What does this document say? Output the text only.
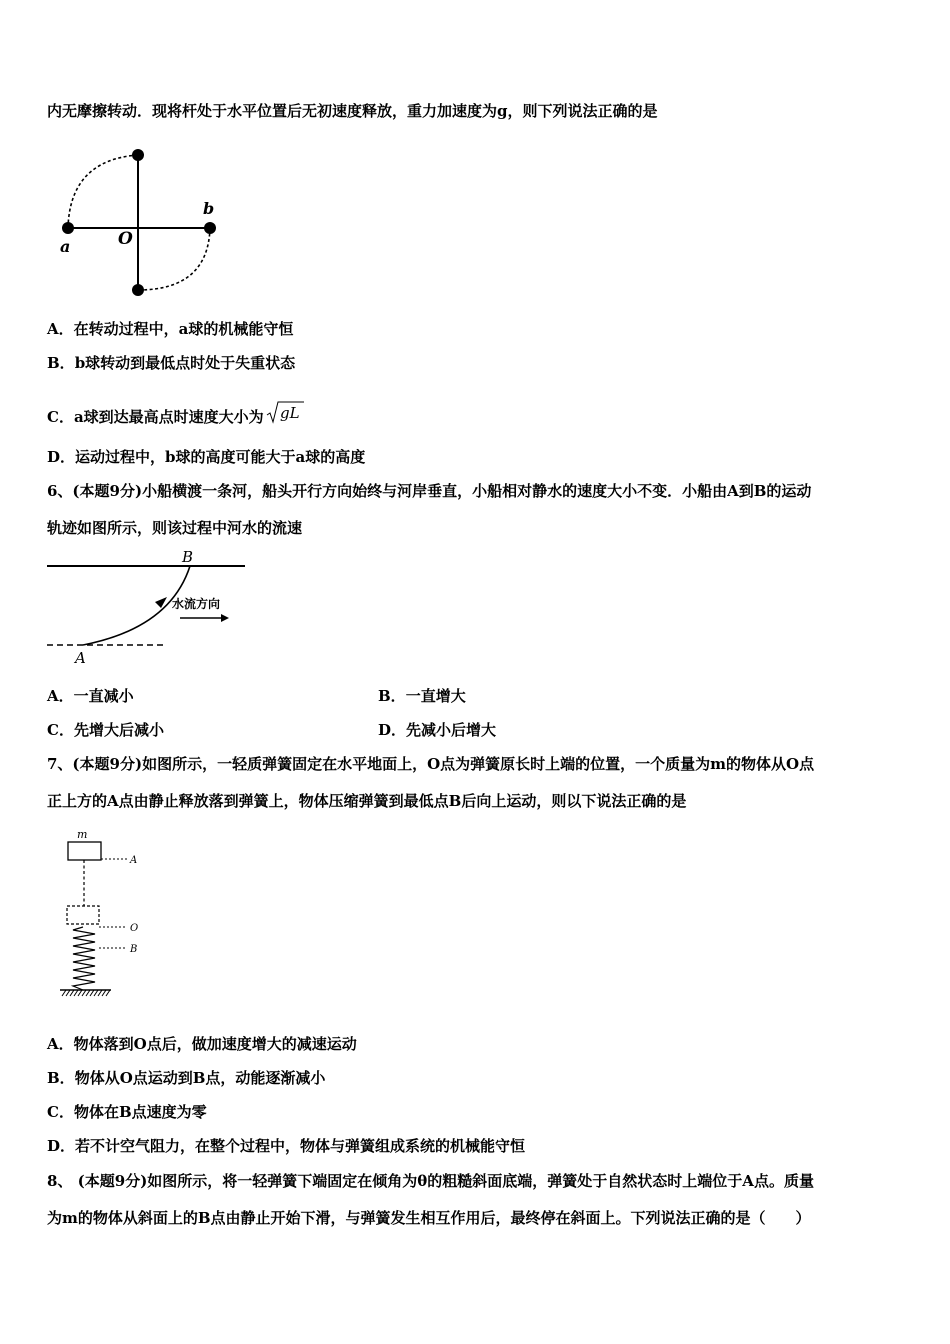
内无摩擦转动．现将杆处于水平位置后无初速度释放，重力加速度为g，则下列说法正确的是
a
b
O
A．在转动过程中，a球的机械能守恒
B．b球转动到最低点时处于失重状态
C．a球到达最高点时速度大小为 gL
D．运动过程中，b球的高度可能大于a球的高度
6、(本题9分)小船横渡一条河，船头开行方向始终与河岸垂直，小船相对静水的速度大小不变．小船由A到B的运动
轨迹如图所示，则该过程中河水的流速
B
A
水流方向
A．一直减小	B．一直增大
C．先增大后减小	D．先减小后增大
7、(本题9分)如图所示，一轻质弹簧固定在水平地面上，O点为弹簧原长时上端的位置，一个质量为m的物体从O点
正上方的A点由静止释放落到弹簧上，物体压缩弹簧到最低点B后向上运动，则以下说法正确的是
m
A
O
B
A．物体落到O点后，做加速度增大的减速运动
B．物体从O点运动到B点，动能逐渐减小
C．物体在B点速度为零
D．若不计空气阻力，在整个过程中，物体与弹簧组成系统的机械能守恒
8、 (本题9分)如图所示，将一轻弹簧下端固定在倾角为θ的粗糙斜面底端，弹簧处于自然状态时上端位于A点。质量
为m的物体从斜面上的B点由静止开始下滑，与弹簧发生相互作用后，最终停在斜面上。下列说法正确的是（　　）
